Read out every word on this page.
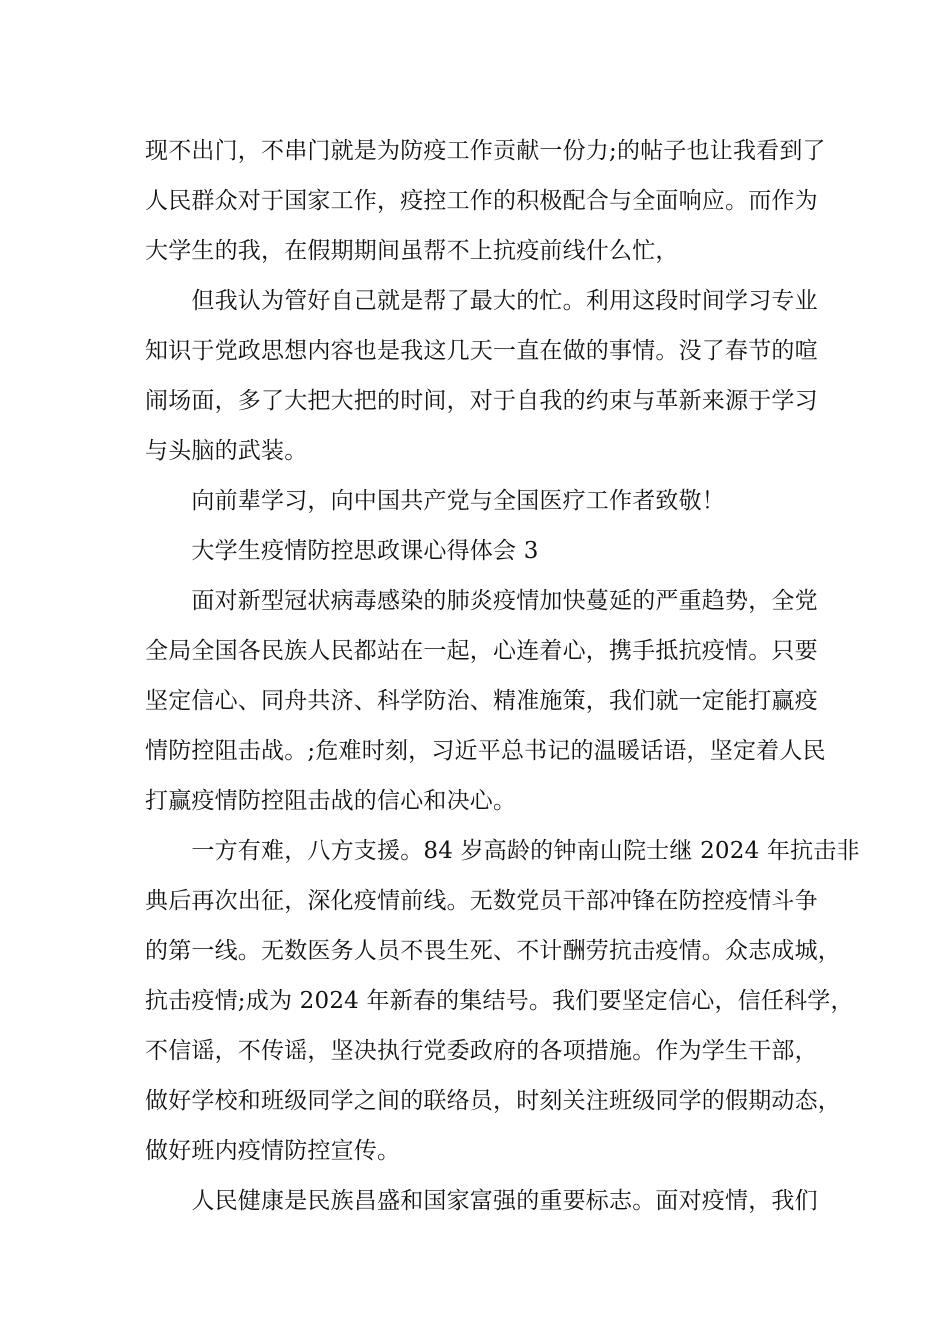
现不出门，不串门就是为防疫工作贡献一份力;的帖子也让我看到了
人民群众对于国家工作，疫控工作的积极配合与全面响应。而作为
大学生的我，在假期期间虽帮不上抗疫前线什么忙，
　　但我认为管好自己就是帮了最大的忙。利用这段时间学习专业
知识于党政思想内容也是我这几天一直在做的事情。没了春节的喧
闹场面，多了大把大把的时间，对于自我的约束与革新来源于学习
与头脑的武装。
　　向前辈学习，向中国共产党与全国医疗工作者致敬！
　　大学生疫情防控思政课心得体会 3
　　面对新型冠状病毒感染的肺炎疫情加快蔓延的严重趋势，全党
全局全国各民族人民都站在一起，心连着心，携手抵抗疫情。只要
坚定信心、同舟共济、科学防治、精准施策，我们就一定能打赢疫
情防控阻击战。;危难时刻，习近平总书记的温暖话语，坚定着人民
打赢疫情防控阻击战的信心和决心。
　　一方有难，八方支援。84 岁高龄的钟南山院士继 2024 年抗击非
典后再次出征，深化疫情前线。无数党员干部冲锋在防控疫情斗争
的第一线。无数医务人员不畏生死、不计酬劳抗击疫情。众志成城，
抗击疫情;成为 2024 年新春的集结号。我们要坚定信心，信任科学，
不信谣，不传谣，坚决执行党委政府的各项措施。作为学生干部，
做好学校和班级同学之间的联络员，时刻关注班级同学的假期动态，
做好班内疫情防控宣传。
　　人民健康是民族昌盛和国家富强的重要标志。面对疫情，我们
